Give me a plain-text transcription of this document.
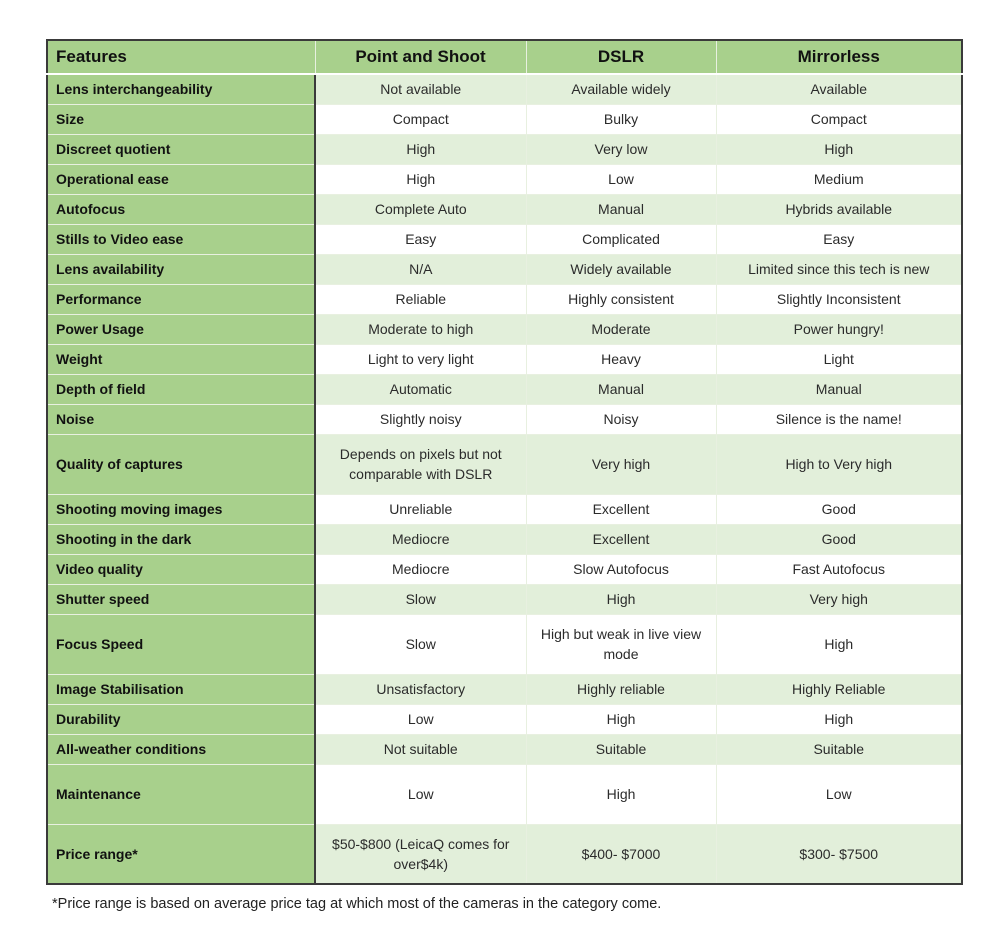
Features	Point and Shoot	DSLR	Mirrorless
Lens interchangeability	Not available	Available widely	Available
Size	Compact	Bulky	Compact
Discreet quotient	High	Very low	High
Operational ease	High	Low	Medium
Autofocus	Complete Auto	Manual	Hybrids available
Stills to Video ease	Easy	Complicated	Easy
Lens availability	N/A	Widely available	Limited since this tech is new
Performance	Reliable	Highly consistent	Slightly Inconsistent
Power Usage	Moderate to high	Moderate	Power hungry!
Weight	Light to very light	Heavy	Light
Depth of field	Automatic	Manual	Manual
Noise	Slightly noisy	Noisy	Silence is the name!
Quality of captures	Depends on pixels but not comparable with DSLR	Very high	High to Very high
Shooting moving images	Unreliable	Excellent	Good
Shooting in the dark	Mediocre	Excellent	Good
Video quality	Mediocre	Slow Autofocus	Fast Autofocus
Shutter speed	Slow	High	Very high
Focus Speed	Slow	High but weak in live view mode	High
Image Stabilisation	Unsatisfactory	Highly reliable	Highly Reliable
Durability	Low	High	High
All-weather conditions	Not suitable	Suitable	Suitable
Maintenance	Low	High	Low
Price range*	$50-$800 (LeicaQ comes for over$4k)	$400- $7000	$300- $7500
*Price range is based on average price tag at which most of the cameras in the category come.
